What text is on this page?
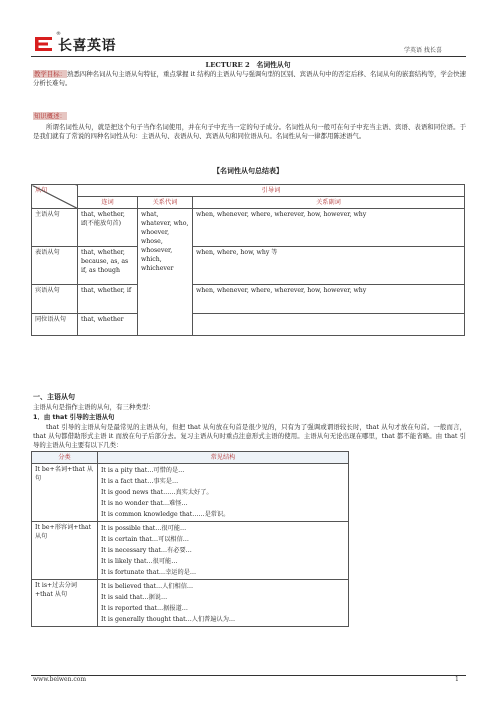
®
长喜英语	学英语 找长喜
LECTURE 2　名词性从句
教学目标：熟悉四种名词从句主语从句特征，重点掌握 it 结构的主语从句与强调句型的区别、宾语从句中的否定后移、名词从句的嵌套结构等，学会快速分析长难句。
知识概述：
所谓名词性从句，就是把这个句子当作名词使用，并在句子中充当一定的句子成分。名词性从句一般可在句子中充当主语、宾语、表语和同位语。于是我们就有了常说的四种名词性从句：主语从句、表语从句、宾语从句和同位语从句。名词性从句一律都用陈述语气。
【名词性从句总结表】
从句	引导词		
	连词	关系代词	关系副词
主语从句	that, whether, if(不能放句首)	what, whatever, who, whoever, whose, whosever, which, whichever	when, whenever, where, wherever, how, however, why
表语从句	that, whether, because, as, as if, as though		when, where, how, why 等
宾语从句	that, whether, if		when, whenever, where, wherever, how, however, why
同位语从句	that, whether		
一、主语从句
主语从句是指作主语的从句，有三种类型：
1．由 that 引导的主语从句
that 引导的主语从句是最常见的主语从句，但把 that 从句放在句首是很少见的，只有为了强调或谓语较长时，that 从句才放在句首。一般而言，that 从句都借助形式主语 it 而放在句子后部分去。复习主语从句时重点注意形式主语的使用。主语从句无论出现在哪里，that 都不能省略。由 that 引导的主语从句主要有以下几类：
分类	常见结构
It be+名词+that 从句	It is a pity that…可惜的是…
It is a fact that…事实是…
It is good news that……真实太好了。
It is no wonder that…难怪…
It is common knowledge that……是常识。

It be+形容词+that 从句	It is possible that…很可能…
It is certain that…可以相信…
It is necessary that…有必要…
It is likely that…很可能…
It is fortunate that…幸运的是…

It is+过去分词+that 从句	It is believed that…人们相信…
It is said that…据说…
It is reported that…据报道…
It is generally thought that…人们普遍认为…
www.beiwen.com	1
